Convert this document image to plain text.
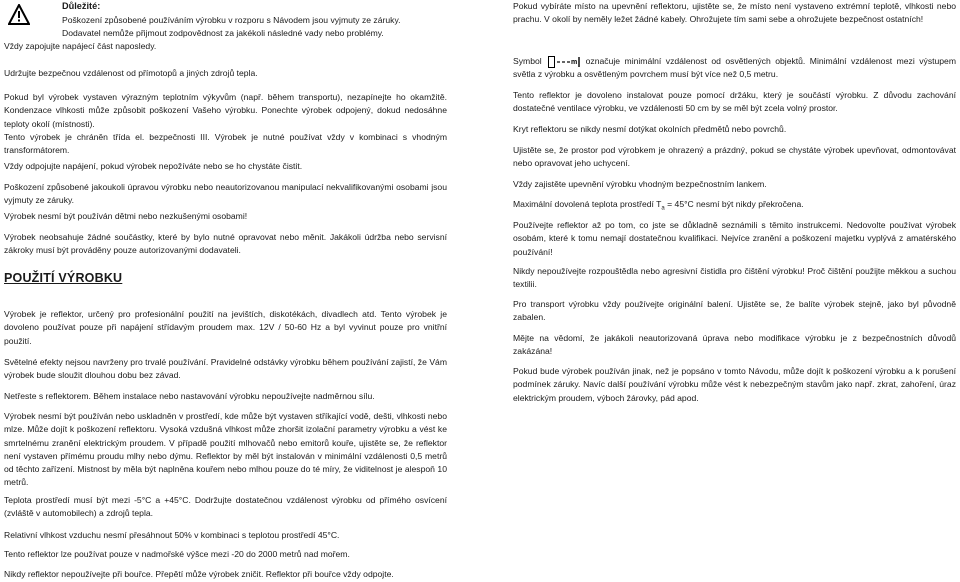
Důležité:
Poškození způsobené používáním výrobku v rozporu s Návodem jsou vyjmuty ze záruky.
Dodavatel nemůže přijmout zodpovědnost za jakékoli následné vady nebo problémy.

Vždy zapojujte napájecí část naposledy.

Udržujte bezpečnou vzdálenost od přímotopů a jiných zdrojů tepla.

Pokud byl výrobek vystaven výrazným teplotním výkyvům (např. během transportu), nezapínejte ho okamžitě. Kondenzace vlhkosti může způsobit poškození Vašeho výrobku. Ponechte výrobek odpojený, dokud nedosáhne teploty okolí (místnosti).

Tento výrobek je chráněn třída el. bezpečnosti III. Výrobek je nutné používat vždy v kombinaci s vhodným transformátorem.

Vždy odpojujte napájení, pokud výrobek nepožíváte nebo se ho chystáte čistit.

Poškození způsobené jakoukoli úpravou výrobku nebo neautorizovanou manipulací nekvalifikovanými osobami jsou vyjmuty ze záruky.

Výrobek nesmí být používán dětmi nebo nezkušenými osobami!

Výrobek neobsahuje žádné součástky, které by bylo nutné opravovat nebo měnit. Jakákoli údržba nebo servisní zákroky musí být prováděny pouze autorizovanými dodavateli.

POUŽITÍ VÝROBKU

Výrobek je reflektor, určený pro profesionální použití na jevištích, diskotékách, divadlech atd. Tento výrobek je dovoleno používat pouze při napájení střídavým proudem max. 12V / 50-60 Hz a byl vyvinut pouze pro vnitřní použití.

Světelné efekty nejsou navrženy pro trvalé používání. Pravidelné odstávky výrobku během používání zajistí, že Vám výrobek bude sloužit dlouhou dobu bez závad.

Netřeste s reflektorem. Během instalace nebo nastavování výrobku nepoužívejte nadměrnou sílu.

Výrobek nesmí být používán nebo uskladněn v prostředí, kde může být vystaven stříkající vodě, dešti, vlhkosti nebo mlze. Může dojít k poškození reflektoru. Vysoká vzdušná vlhkost může zhoršit izolační parametry výrobku a vést ke smrtelnému zranění elektrickým proudem. V případě použití mlhovačů nebo emitorů kouře, ujistěte se, že reflektor není vystaven přímému proudu mlhy nebo dýmu. Reflektor by měl být instalován v minimální vzdálenosti 0,5 metrů od těchto zařízení. Mistnost by měla být naplněna kouřem nebo mlhou pouze do té míry, že viditelnost je alespoň 10 metrů.

Teplota prostředí musí být mezi -5°C a +45°C. Dodržujte dostatečnou vzdálenost výrobku od přímého osvícení (zvláště v automobilech) a zdrojů tepla.

Relativní vlhkost vzduchu nesmí přesáhnout 50% v kombinaci s teplotou prostředí 45°C.

Tento reflektor lze používat pouze v nadmořské výšce mezi -20 do 2000 metrů nad mořem.

Nikdy reflektor nepoužívejte při bouřce. Přepětí může výrobek zničit. Reflektor při bouřce vždy odpojte.

Pokud vybíráte místo na upevnění reflektoru, ujistěte se, že místo není vystaveno extrémní teplotě, vlhkosti nebo prachu. V okolí by neměly ležet žádné kabely. Ohrožujete tím sami sebe a ohrožujete bezpečnost ostatních!

Symbol	m označuje minimální vzdálenost od osvětlených objektů. Minimální vzdálenost mezi výstupem světla z výrobku a osvětleným povrchem musí být více než 0,5 metru.

Tento reflektor je dovoleno instalovat pouze pomocí držáku, který je součástí výrobku. Z důvodu zachování dostatečné ventilace výrobku, ve vzdálenosti 50 cm by se měl být zcela volný prostor.

Kryt reflektoru se nikdy nesmí dotýkat okolních předmětů nebo povrchů.

Ujistěte se, že prostor pod výrobkem je ohrazený a prázdný, pokud se chystáte výrobek upevňovat, odmontovávat nebo opravovat jeho uchycení.

Vždy zajistěte upevnění výrobku vhodným bezpečnostním lankem.

Maximální dovolená teplota prostředí $T_a = 45^\circ C$ nesmí být nikdy překročena.

Používejte reflektor až po tom, co jste se důkladně seznámili s těmito instrukcemi. Nedovolte používat výrobek osobám, které k tomu nemají dostatečnou kvalifikaci. Nejvíce zranění a poškození majetku vyplývá z amatérského používání!

Nikdy nepoužívejte rozpouštědla nebo agresivní čistidla pro čištění výrobku! Proč čištění použijte měkkou a suchou textilii.

Pro transport výrobku vždy používejte originální balení. Ujistěte se, že balíte výrobek stejně, jako byl původně zabalen.

Mějte na vědomí, že jakákoli neautorizovaná úprava nebo modifikace výrobku je z bezpečnostních důvodů zakázána!

Pokud bude výrobek používán jinak, než je popsáno v tomto Návodu, může dojít k poškození výrobku a k porušení podmínek záruky. Navíc další používání výrobku může vést k nebezpečným stavům jako např. zkrat, zahoření, úraz elektrickým proudem, výboch žárovky, pád apod.
